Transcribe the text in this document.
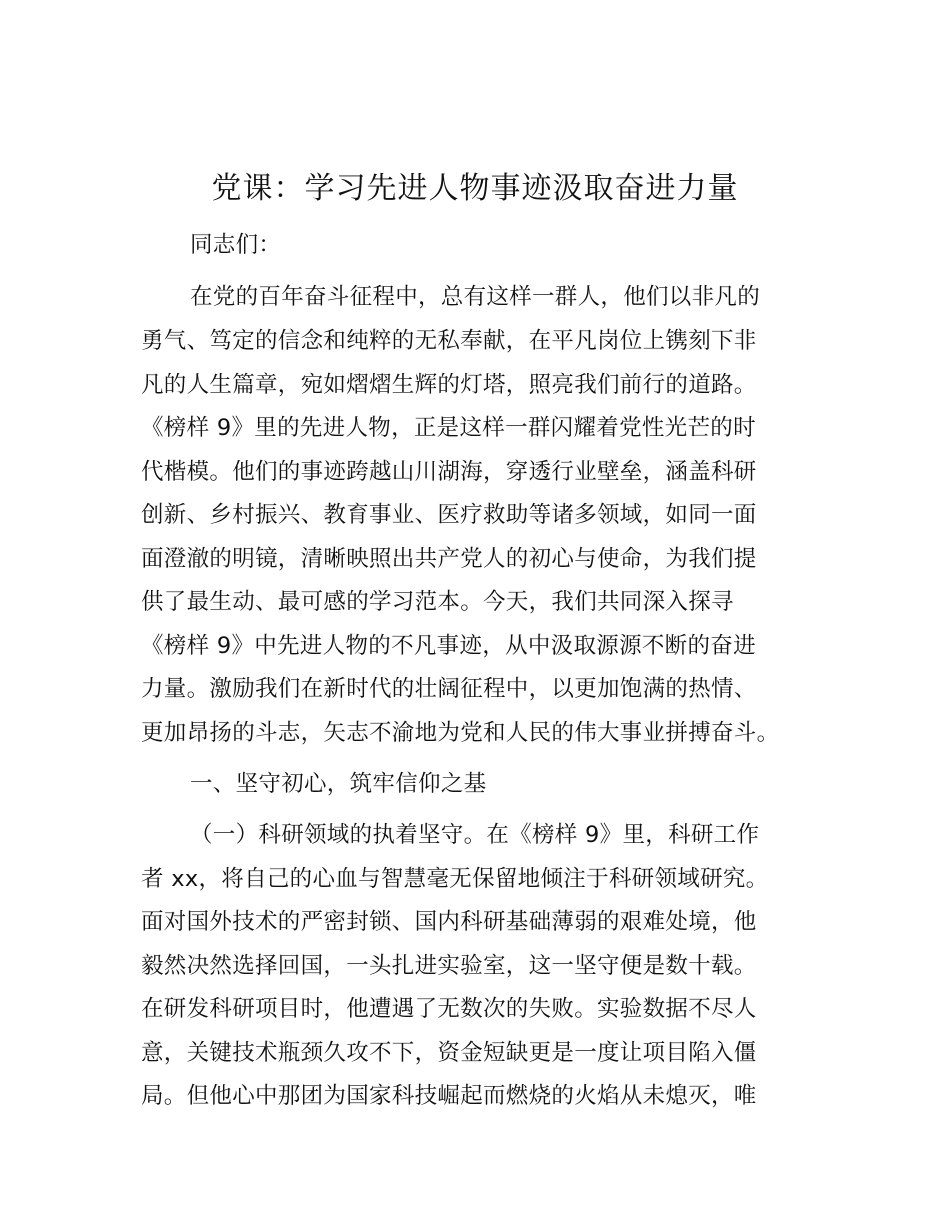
党课：学习先进人物事迹汲取奋进力量
同志们：
在党的百年奋斗征程中，总有这样一群人，他们以非凡的
勇气、笃定的信念和纯粹的无私奉献，在平凡岗位上镌刻下非
凡的人生篇章，宛如熠熠生辉的灯塔，照亮我们前行的道路。
《榜样 9》里的先进人物，正是这样一群闪耀着党性光芒的时
代楷模。他们的事迹跨越山川湖海，穿透行业壁垒，涵盖科研
创新、乡村振兴、教育事业、医疗救助等诸多领域，如同一面
面澄澈的明镜，清晰映照出共产党人的初心与使命，为我们提
供了最生动、最可感的学习范本。今天，我们共同深入探寻
《榜样 9》中先进人物的不凡事迹，从中汲取源源不断的奋进
力量。激励我们在新时代的壮阔征程中，以更加饱满的热情、
更加昂扬的斗志，矢志不渝地为党和人民的伟大事业拼搏奋斗。
一、坚守初心，筑牢信仰之基
（一）科研领域的执着坚守。在《榜样 9》里，科研工作
者 xx，将自己的心血与智慧毫无保留地倾注于科研领域研究。
面对国外技术的严密封锁、国内科研基础薄弱的艰难处境，他
毅然决然选择回国，一头扎进实验室，这一坚守便是数十载。
在研发科研项目时，他遭遇了无数次的失败。实验数据不尽人
意，关键技术瓶颈久攻不下，资金短缺更是一度让项目陷入僵
局。但他心中那团为国家科技崛起而燃烧的火焰从未熄灭，唯
